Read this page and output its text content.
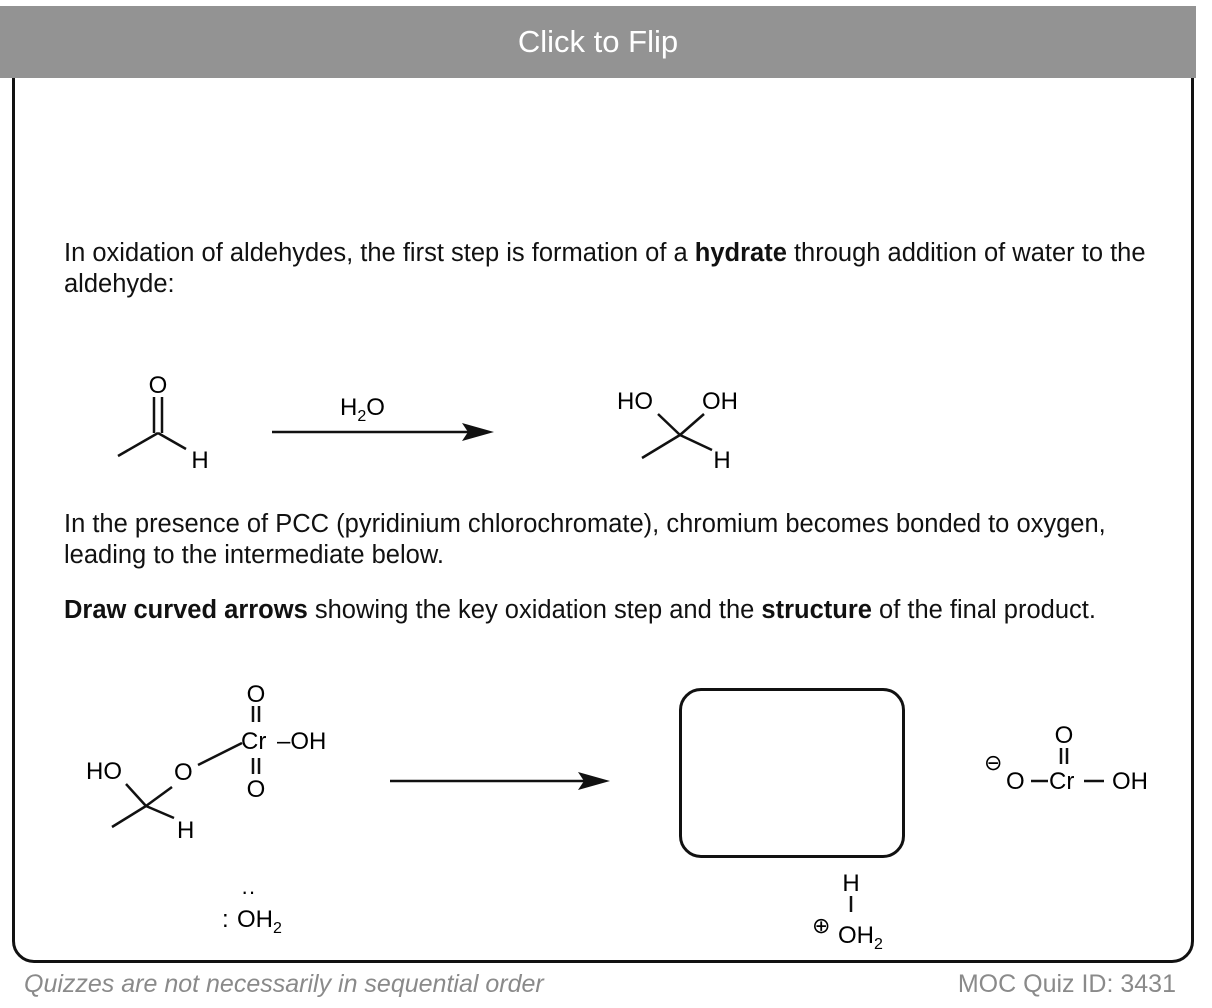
Click to Flip

In oxidation of aldehydes, the first step is formation of a hydrate through addition of water to the aldehyde:

O
H
$H_2O$	HO OH
H
HO O
O
Cr –OH
O
H
:
··
$OH_2$
H
⊕ $OH_2$
⊖
O Cr
O
OH

In the presence of PCC (pyridinium chlorochromate), chromium becomes bonded to oxygen, leading to the intermediate below.

Draw curved arrows showing the key oxidation step and the structure of the final product.

Quizzes are not necessarily in sequential order	MOC Quiz ID: 3431
